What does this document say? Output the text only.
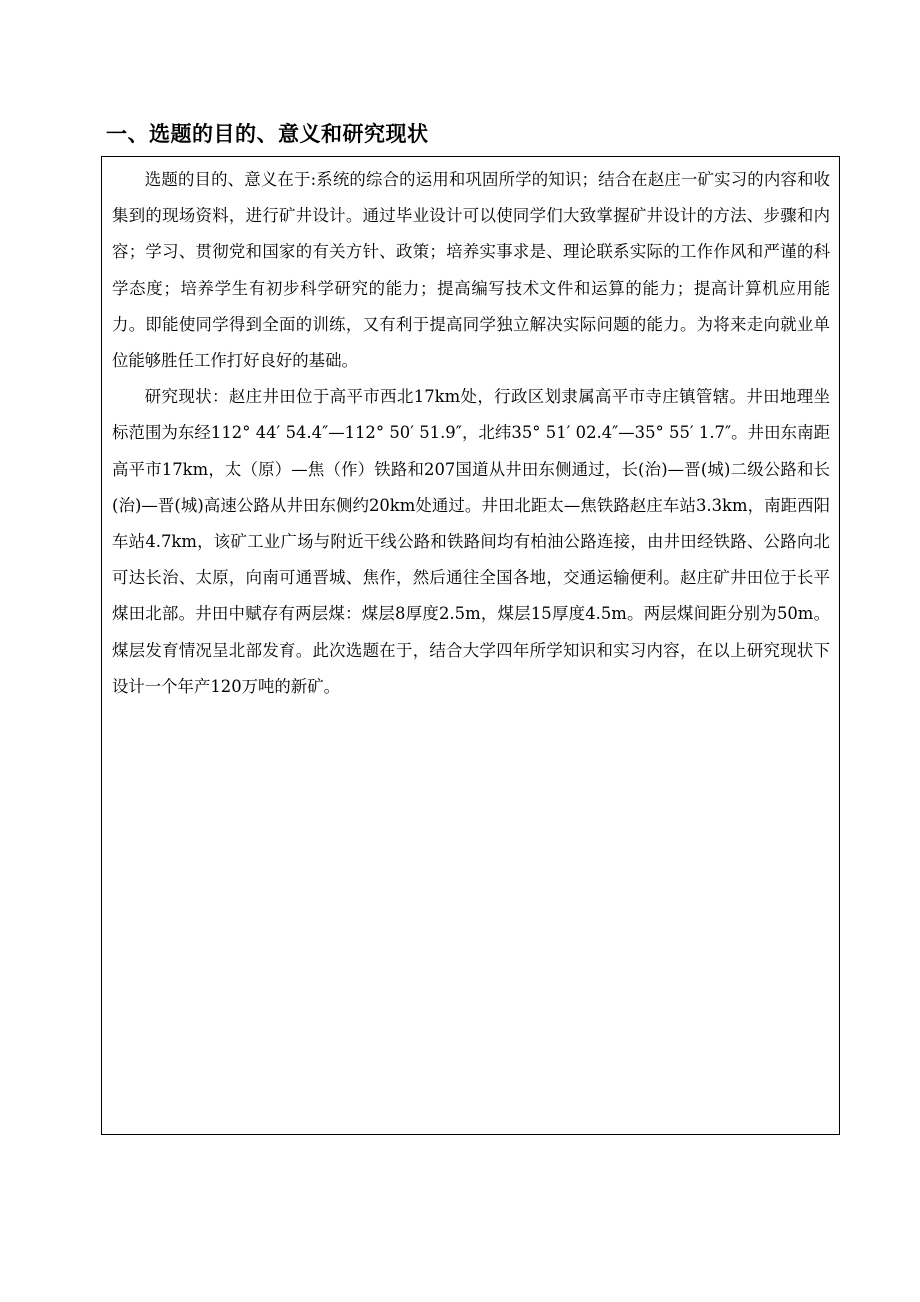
一、选题的目的、意义和研究现状

选题的目的、意义在于:系统的综合的运用和巩固所学的知识；结合在赵庄一矿实习的内容和收集到的现场资料，进行矿井设计。通过毕业设计可以使同学们大致掌握矿井设计的方法、步骤和内容；学习、贯彻党和国家的有关方针、政策；培养实事求是、理论联系实际的工作作风和严谨的科学态度；培养学生有初步科学研究的能力；提高编写技术文件和运算的能力；提高计算机应用能力。即能使同学得到全面的训练，又有利于提高同学独立解决实际问题的能力。为将来走向就业单位能够胜任工作打好良好的基础。

研究现状：赵庄井田位于高平市西北17km处，行政区划隶属高平市寺庄镇管辖。井田地理坐标范围为东经112° 44′ 54.4″—112° 50′ 51.9″，北纬35° 51′ 02.4″—35° 55′ 1.7″。井田东南距高平市17km，太（原）—焦（作）铁路和207国道从井田东侧通过，长(治)—晋(城)二级公路和长(治)—晋(城)高速公路从井田东侧约20km处通过。井田北距太—焦铁路赵庄车站3.3km，南距西阳车站4.7km，该矿工业广场与附近干线公路和铁路间均有柏油公路连接，由井田经铁路、公路向北可达长治、太原，向南可通晋城、焦作，然后通往全国各地，交通运输便利。赵庄矿井田位于长平煤田北部。井田中赋存有两层煤：煤层8厚度2.5m，煤层15厚度4.5m。两层煤间距分别为50m。煤层发育情况呈北部发育。此次选题在于，结合大学四年所学知识和实习内容，在以上研究现状下设计一个年产120万吨的新矿。
